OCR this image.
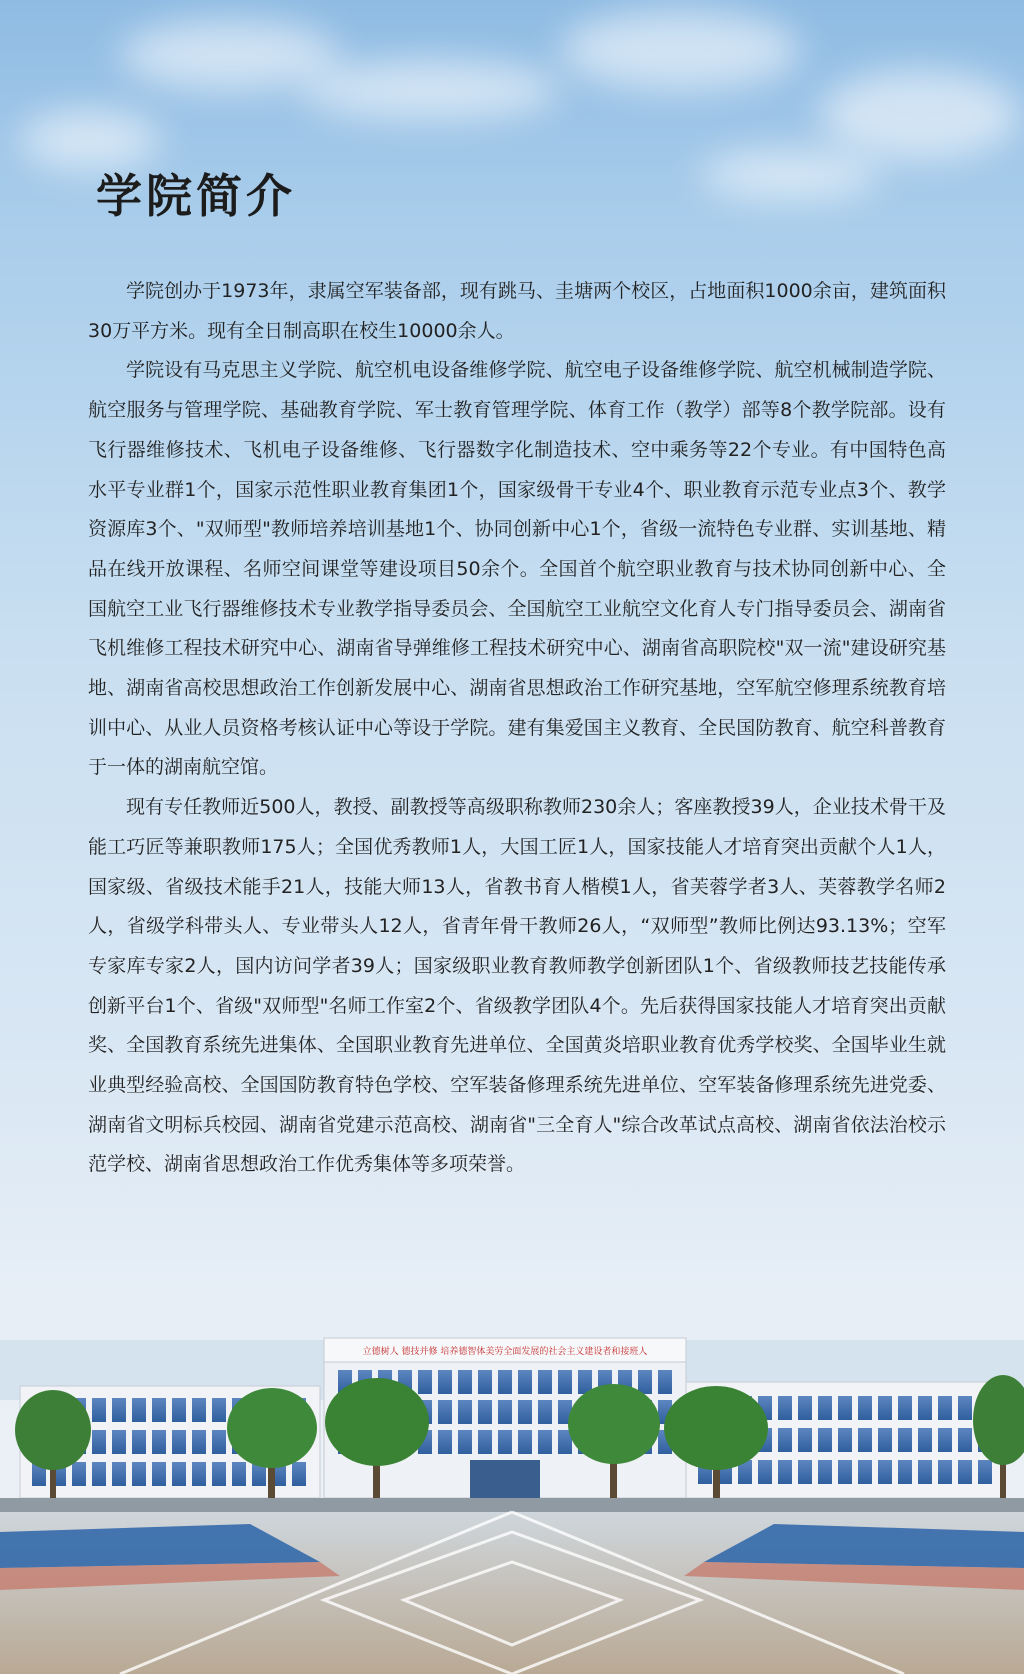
学院简介

学院创办于1973年，隶属空军装备部，现有跳马、圭塘两个校区，占地面积1000余亩，建筑面积30万平方米。现有全日制高职在校生10000余人。

学院设有马克思主义学院、航空机电设备维修学院、航空电子设备维修学院、航空机械制造学院、航空服务与管理学院、基础教育学院、军士教育管理学院、体育工作（教学）部等8个教学院部。设有飞行器维修技术、飞机电子设备维修、飞行器数字化制造技术、空中乘务等22个专业。有中国特色高水平专业群1个，国家示范性职业教育集团1个，国家级骨干专业4个、职业教育示范专业点3个、教学资源库3个、"双师型"教师培养培训基地1个、协同创新中心1个，省级一流特色专业群、实训基地、精品在线开放课程、名师空间课堂等建设项目50余个。全国首个航空职业教育与技术协同创新中心、全国航空工业飞行器维修技术专业教学指导委员会、全国航空工业航空文化育人专门指导委员会、湖南省飞机维修工程技术研究中心、湖南省导弹维修工程技术研究中心、湖南省高职院校"双一流"建设研究基地、湖南省高校思想政治工作创新发展中心、湖南省思想政治工作研究基地，空军航空修理系统教育培训中心、从业人员资格考核认证中心等设于学院。建有集爱国主义教育、全民国防教育、航空科普教育于一体的湖南航空馆。

现有专任教师近500人，教授、副教授等高级职称教师230余人；客座教授39人，企业技术骨干及能工巧匠等兼职教师175人；全国优秀教师1人，大国工匠1人，国家技能人才培育突出贡献个人1人，国家级、省级技术能手21人，技能大师13人，省教书育人楷模1人，省芙蓉学者3人、芙蓉教学名师2人，省级学科带头人、专业带头人12人，省青年骨干教师26人，“双师型”教师比例达93.13%；空军专家库专家2人，国内访问学者39人；国家级职业教育教师教学创新团队1个、省级教师技艺技能传承创新平台1个、省级"双师型"名师工作室2个、省级教学团队4个。先后获得国家技能人才培育突出贡献奖、全国教育系统先进集体、全国职业教育先进单位、全国黄炎培职业教育优秀学校奖、全国毕业生就业典型经验高校、全国国防教育特色学校、空军装备修理系统先进单位、空军装备修理系统先进党委、湖南省文明标兵校园、湖南省党建示范高校、湖南省"三全育人"综合改革试点高校、湖南省依法治校示范学校、湖南省思想政治工作优秀集体等多项荣誉。

立德树人 德技并修 培养德智体美劳全面发展的社会主义建设者和接班人
